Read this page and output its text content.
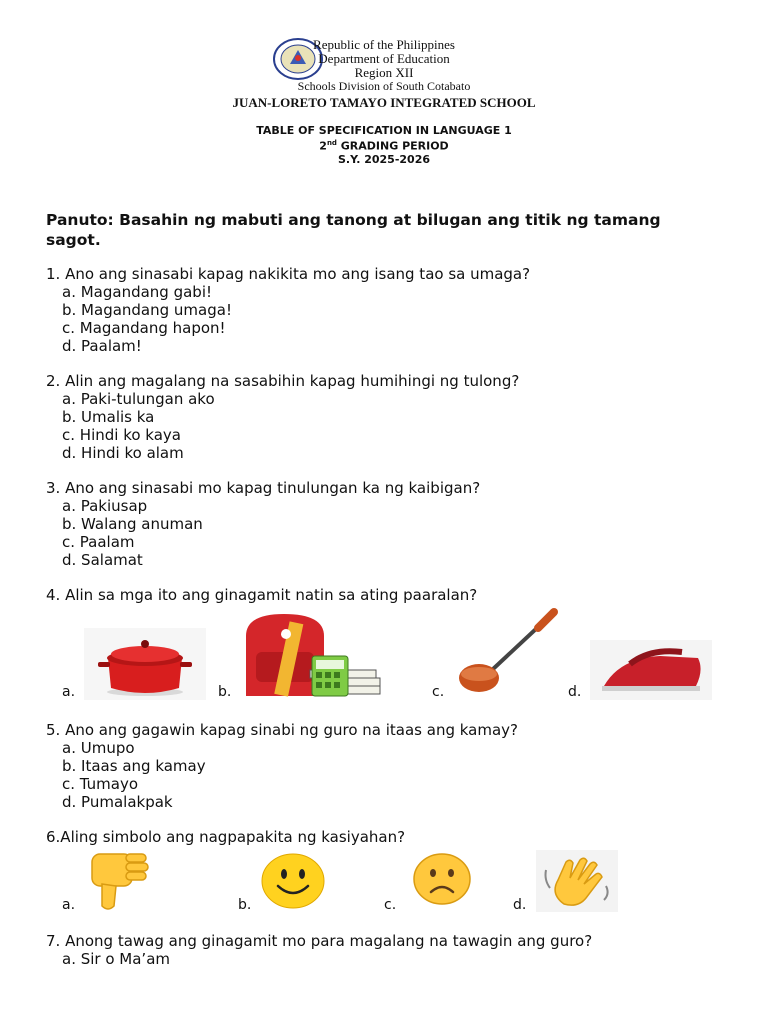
Republic of the Philippines
Department of Education
Region XII
Schools Division of South Cotabato
JUAN-LORETO TAMAYO INTEGRATED SCHOOL
TABLE OF SPECIFICATION IN LANGUAGE 1
2nd GRADING PERIOD
S.Y. 2025-2026
Panuto: Basahin ng mabuti ang tanong at bilugan ang titik ng tamang sagot.
1. Ano ang sinasabi kapag nakikita mo ang isang tao sa umaga?
a. Magandang gabi!
b. Magandang umaga!
c. Magandang hapon!
d. Paalam!
2. Alin ang magalang na sasabihin kapag humihingi ng tulong?
a. Paki-tulungan ako
b. Umalis ka
c. Hindi ko kaya
d. Hindi ko alam
3. Ano ang sinasabi mo kapag tinulungan ka ng kaibigan?
a. Pakiusap
b. Walang anuman
c. Paalam
d. Salamat
4. Alin sa mga ito ang ginagamit natin sa ating paaralan?
a.	b.	c.	d.
5. Ano ang gagawin kapag sinabi ng guro na itaas ang kamay?
a. Umupo
b. Itaas ang kamay
c. Tumayo
d. Pumalakpak
6.Aling simbolo ang nagpapakita ng kasiyahan?
a.	b.	c.	d.
7. Anong tawag ang ginagamit mo para magalang na tawagin ang guro?
a. Sir o Ma’am
